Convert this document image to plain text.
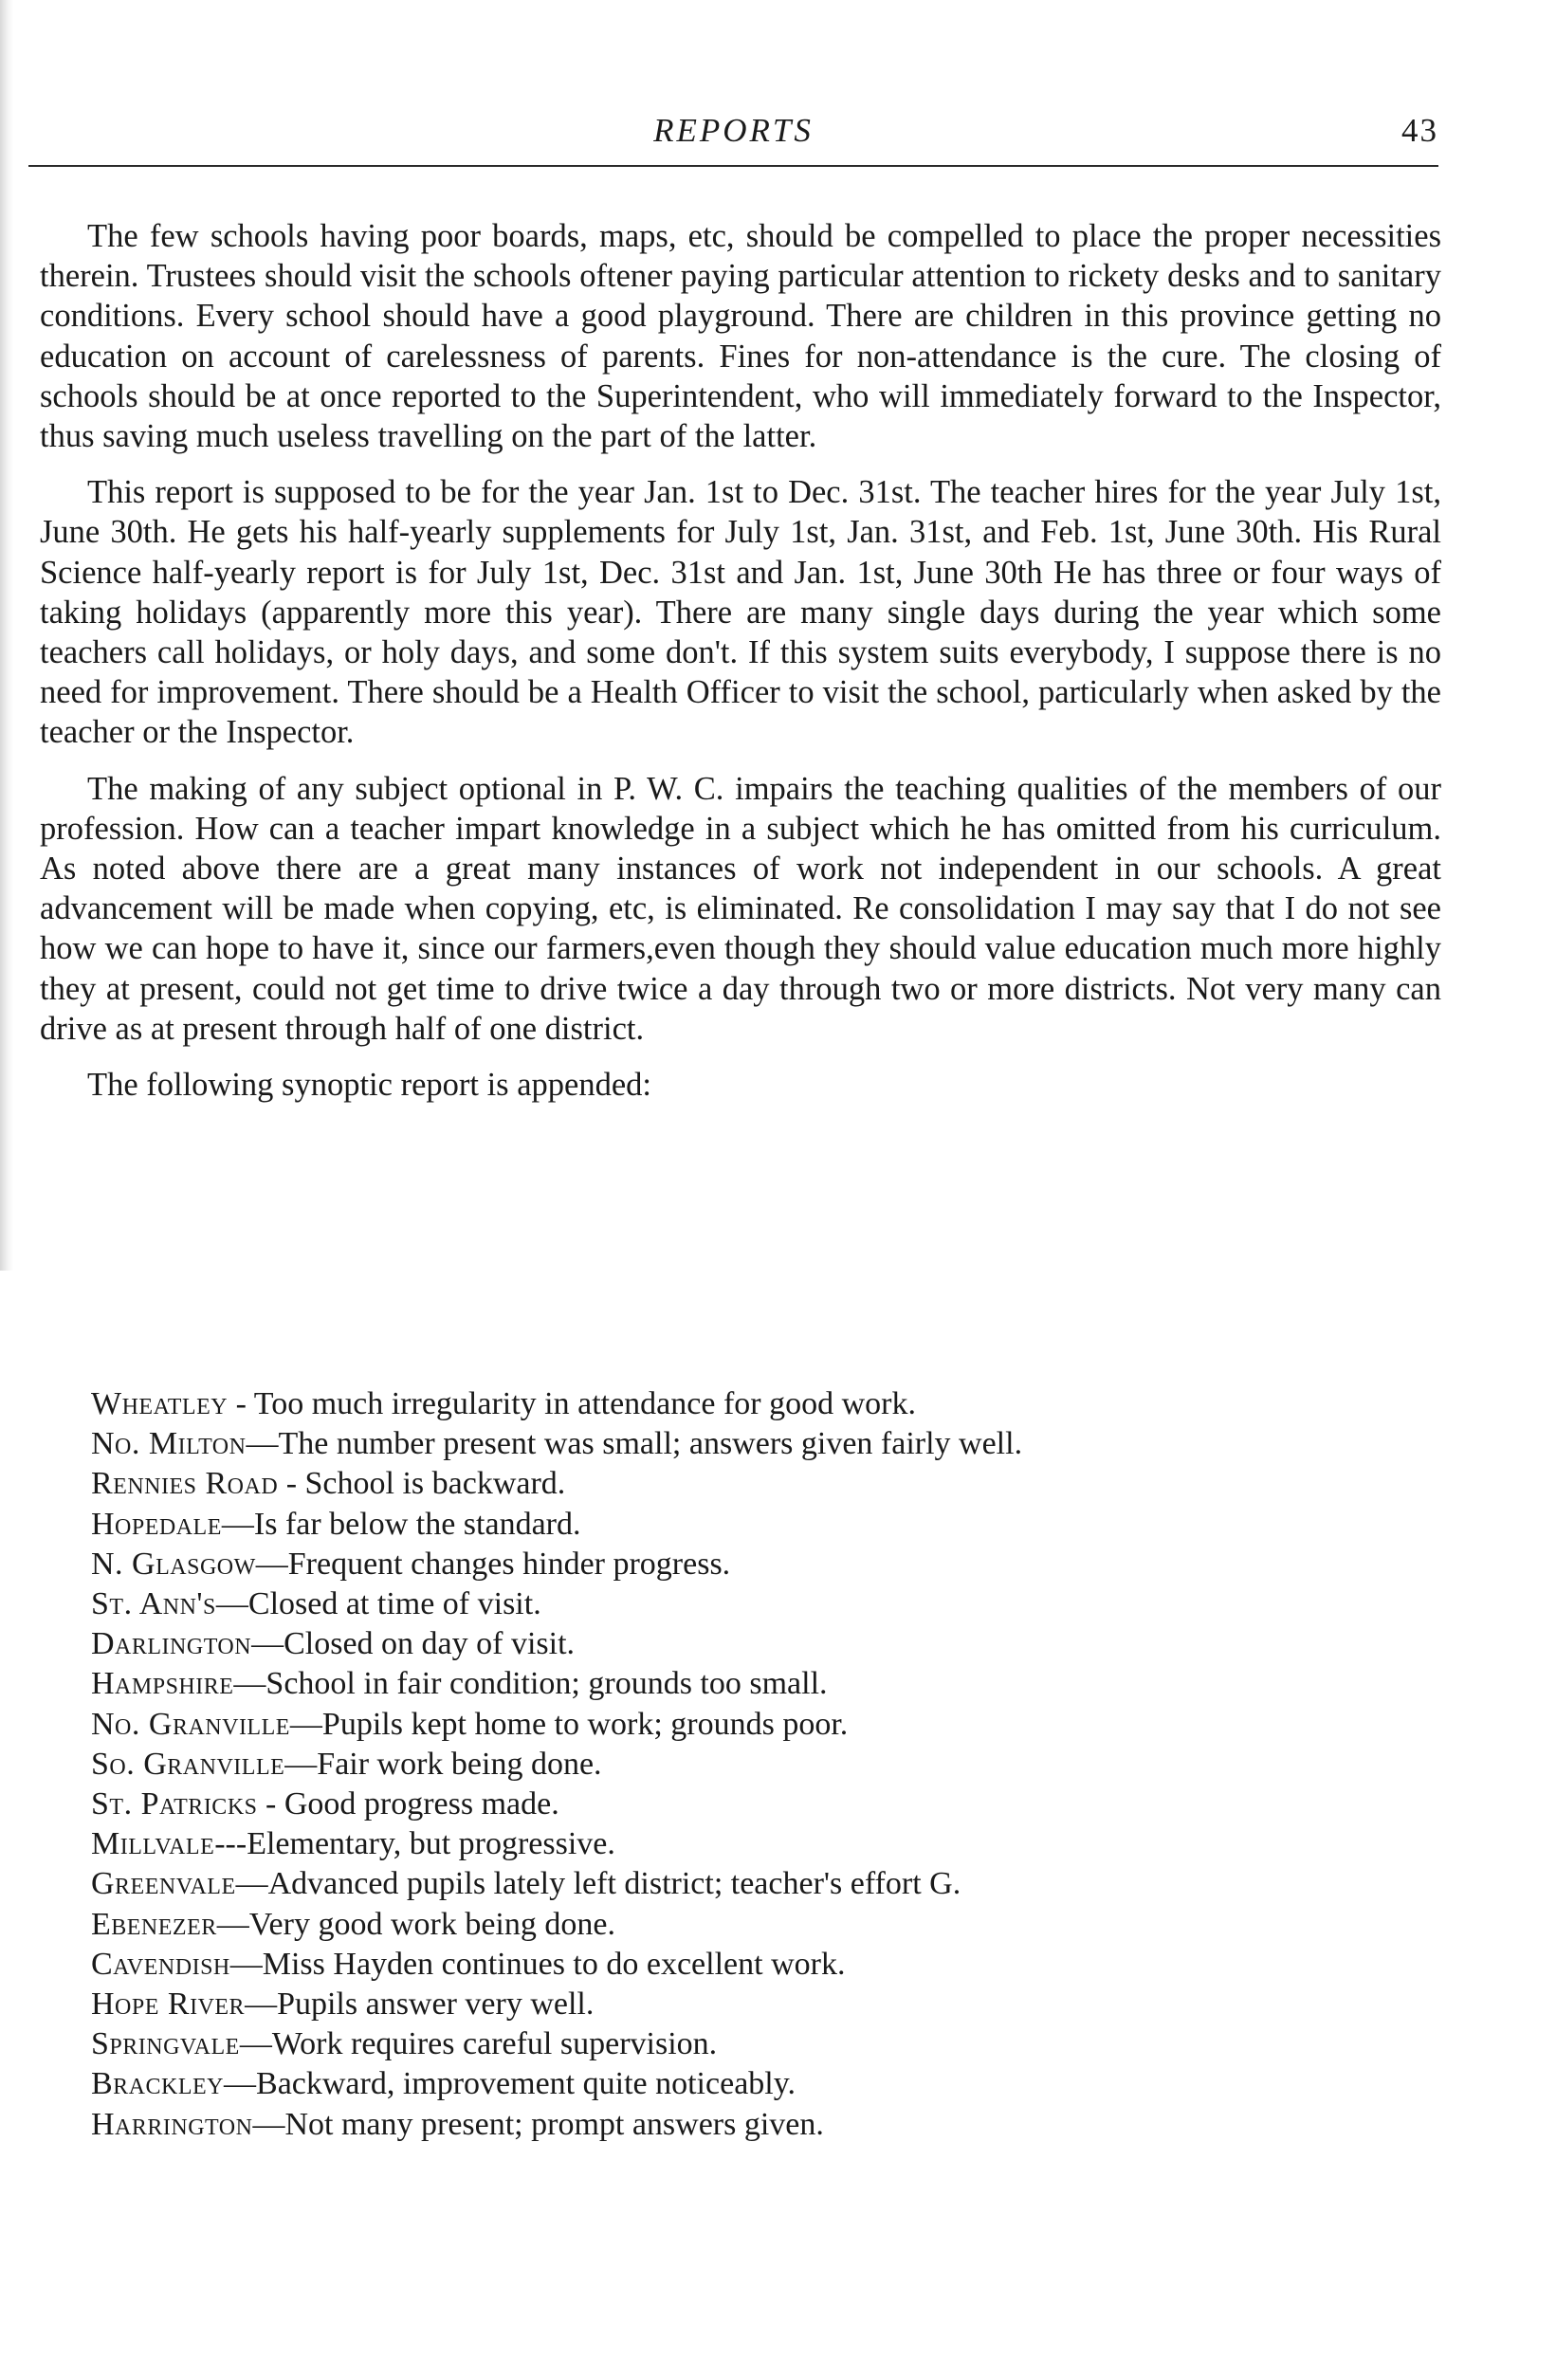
REPORTS	43

The few schools having poor boards, maps, etc, should be compelled to place the proper necessities therein. Trustees should visit the schools oftener paying particular attention to rickety desks and to sanitary conditions. Every school should have a good playground. There are children in this province getting no education on account of carelessness of parents. Fines for non-attendance is the cure. The closing of schools should be at once reported to the Superintendent, who will immediately forward to the Inspector, thus saving much useless travelling on the part of the latter.

This report is supposed to be for the year Jan. 1st to Dec. 31st. The teacher hires for the year July 1st, June 30th. He gets his half-yearly supplements for July 1st, Jan. 31st, and Feb. 1st, June 30th. His Rural Science half-yearly report is for July 1st, Dec. 31st and Jan. 1st, June 30th He has three or four ways of taking holidays (apparently more this year). There are many single days during the year which some teachers call holidays, or holy days, and some don't. If this system suits everybody, I suppose there is no need for improvement. There should be a Health Officer to visit the school, particularly when asked by the teacher or the Inspector.

The making of any subject optional in P. W. C. impairs the teaching qualities of the members of our profession. How can a teacher impart knowledge in a subject which he has omitted from his curriculum. As noted above there are a great many instances of work not independent in our schools. A great advancement will be made when copying, etc, is eliminated. Re consolidation I may say that I do not see how we can hope to have it, since our farmers,even though they should value education much more highly they at present, could not get time to drive twice a day through two or more districts. Not very many can drive as at present through half of one district.

The following synoptic report is appended:

Wheatley - Too much irregularity in attendance for good work.
No. Milton—The number present was small; answers given fairly well.
Rennies Road - School is backward.
Hopedale—Is far below the standard.
N. Glasgow—Frequent changes hinder progress.
St. Ann's—Closed at time of visit.
Darlington—Closed on day of visit.
Hampshire—School in fair condition; grounds too small.
No. Granville—Pupils kept home to work; grounds poor.
So. Granville—Fair work being done.
St. Patricks - Good progress made.
Millvale---Elementary, but progressive.
Greenvale—Advanced pupils lately left district; teacher's effort G.
Ebenezer—Very good work being done.
Cavendish—Miss Hayden continues to do excellent work.
Hope River—Pupils answer very well.
Springvale—Work requires careful supervision.
Brackley—Backward, improvement quite noticeably.
Harrington—Not many present; prompt answers given.
